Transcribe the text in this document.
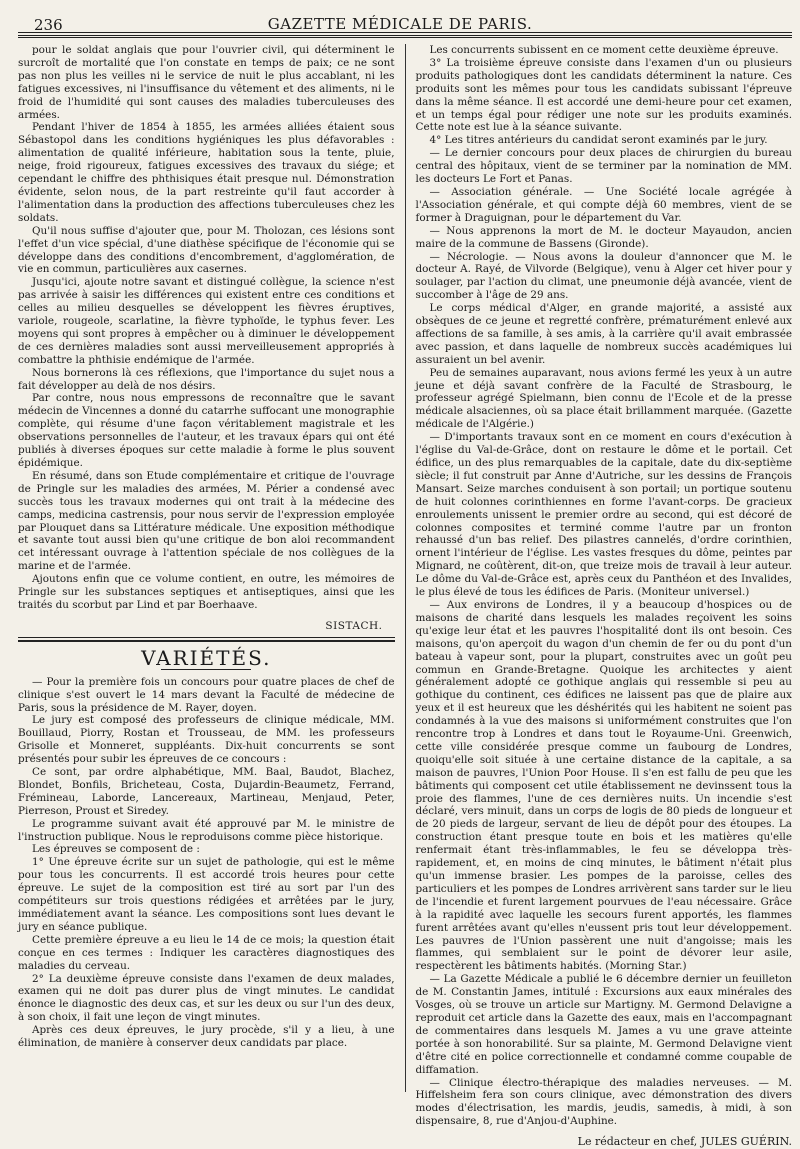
236	GAZETTE MÉDICALE DE PARIS.

pour le soldat anglais que pour l'ouvrier civil, qui déterminent le surcroît de mortalité que l'on constate en temps de paix; ce ne sont pas non plus les veilles ni le service de nuit le plus accablant, ni les fatigues excessives, ni l'insuffisance du vêtement et des aliments, ni le froid de l'humidité qui sont causes des maladies tuberculeuses des armées.

Pendant l'hiver de 1854 à 1855, les armées alliées étaient sous Sébastopol dans les conditions hygiéniques les plus défavorables : alimentation de qualité inférieure, habitation sous la tente, pluie, neige, froid rigoureux, fatigues excessives des travaux du siége; et cependant le chiffre des phthisiques était presque nul. Démonstration évidente, selon nous, de la part restreinte qu'il faut accorder à l'alimentation dans la production des affections tuberculeuses chez les soldats.

Qu'il nous suffise d'ajouter que, pour M. Tholozan, ces lésions sont l'effet d'un vice spécial, d'une diathèse spécifique de l'économie qui se développe dans des conditions d'encombrement, d'agglomération, de vie en commun, particulières aux casernes.

Jusqu'ici, ajoute notre savant et distingué collègue, la science n'est pas arrivée à saisir les différences qui existent entre ces conditions et celles au milieu desquelles se développent les fièvres éruptives, variole, rougeole, scarlatine, la fièvre typhoïde, le typhus fever. Les moyens qui sont propres à empêcher ou à diminuer le développement de ces dernières maladies sont aussi merveilleusement appropriés à combattre la phthisie endémique de l'armée.

Nous bornerons là ces réflexions, que l'importance du sujet nous a fait développer au delà de nos désirs.

Par contre, nous nous empressons de reconnaître que le savant médecin de Vincennes a donné du catarrhe suffocant une monographie complète, qui résume d'une façon véritablement magistrale et les observations personnelles de l'auteur, et les travaux épars qui ont été publiés à diverses époques sur cette maladie à forme le plus souvent épidémique.

En résumé, dans son Etude complémentaire et critique de l'ouvrage de Pringle sur les maladies des armées, M. Périer a condensé avec succès tous les travaux modernes qui ont trait à la médecine des camps, medicina castrensis, pour nous servir de l'expression employée par Plouquet dans sa Littérature médicale. Une exposition méthodique et savante tout aussi bien qu'une critique de bon aloi recommandent cet intéressant ouvrage à l'attention spéciale de nos collègues de la marine et de l'armée.

Ajoutons enfin que ce volume contient, en outre, les mémoires de Pringle sur les substances septiques et antiseptiques, ainsi que les traités du scorbut par Lind et par Boerhaave.

SISTACH.
VARIÉTÉS.

— Pour la première fois un concours pour quatre places de chef de clinique s'est ouvert le 14 mars devant la Faculté de médecine de Paris, sous la présidence de M. Rayer, doyen.

Le jury est composé des professeurs de clinique médicale, MM. Bouillaud, Piorry, Rostan et Trousseau, de MM. les professeurs Grisolle et Monneret, suppléants. Dix-huit concurrents se sont présentés pour subir les épreuves de ce concours :

Ce sont, par ordre alphabétique, MM. Baal, Baudot, Blachez, Blondet, Bonfils, Bricheteau, Costa, Dujardin-Beaumetz, Ferrand, Frémineau, Laborde, Lancereaux, Martineau, Menjaud, Peter, Pierreson, Proust et Siredey.

Le programme suivant avait été approuvé par M. le ministre de l'instruction publique. Nous le reproduisons comme pièce historique.

Les épreuves se composent de :

1° Une épreuve écrite sur un sujet de pathologie, qui est le même pour tous les concurrents. Il est accordé trois heures pour cette épreuve. Le sujet de la composition est tiré au sort par l'un des compétiteurs sur trois questions rédigées et arrêtées par le jury, immédiatement avant la séance. Les compositions sont lues devant le jury en séance publique.

Cette première épreuve a eu lieu le 14 de ce mois; la question était conçue en ces termes : Indiquer les caractères diagnostiques des maladies du cerveau.

2° La deuxième épreuve consiste dans l'examen de deux malades, examen qui ne doit pas durer plus de vingt minutes. Le candidat énonce le diagnostic des deux cas, et sur les deux ou sur l'un des deux, à son choix, il fait une leçon de vingt minutes.

Après ces deux épreuves, le jury procède, s'il y a lieu, à une élimination, de manière à conserver deux candidats par place.

Les concurrents subissent en ce moment cette deuxième épreuve.

3° La troisième épreuve consiste dans l'examen d'un ou plusieurs produits pathologiques dont les candidats déterminent la nature. Ces produits sont les mêmes pour tous les candidats subissant l'épreuve dans la même séance. Il est accordé une demi-heure pour cet examen, et un temps égal pour rédiger une note sur les produits examinés. Cette note est lue à la séance suivante.

4° Les titres antérieurs du candidat seront examinés par le jury.

— Le dernier concours pour deux places de chirurgien du bureau central des hôpitaux, vient de se terminer par la nomination de MM. les docteurs Le Fort et Panas.

— Association générale. — Une Société locale agrégée à l'Association générale, et qui compte déjà 60 membres, vient de se former à Draguignan, pour le département du Var.

— Nous apprenons la mort de M. le docteur Mayaudon, ancien maire de la commune de Bassens (Gironde).

— Nécrologie. — Nous avons la douleur d'annoncer que M. le docteur A. Rayé, de Vilvorde (Belgique), venu à Alger cet hiver pour y soulager, par l'action du climat, une pneumonie déjà avancée, vient de succomber à l'âge de 29 ans.

Le corps médical d'Alger, en grande majorité, a assisté aux obsèques de ce jeune et regretté confrère, prématurément enlevé aux affections de sa famille, à ses amis, à la carrière qu'il avait embrassée avec passion, et dans laquelle de nombreux succès académiques lui assuraient un bel avenir.

Peu de semaines auparavant, nous avions fermé les yeux à un autre jeune et déjà savant confrère de la Faculté de Strasbourg, le professeur agrégé Spielmann, bien connu de l'Ecole et de la presse médicale alsaciennes, où sa place était brillamment marquée. (Gazette médicale de l'Algérie.)

— D'importants travaux sont en ce moment en cours d'exécution à l'église du Val-de-Grâce, dont on restaure le dôme et le portail. Cet édifice, un des plus remarquables de la capitale, date du dix-septième siècle; il fut construit par Anne d'Autriche, sur les dessins de François Mansart. Seize marches conduisent à son portail; un portique soutenu de huit colonnes corinthiennes en forme l'avant-corps. De gracieux enroulements unissent le premier ordre au second, qui est décoré de colonnes composites et terminé comme l'autre par un fronton rehaussé d'un bas relief. Des pilastres cannelés, d'ordre corinthien, ornent l'intérieur de l'église. Les vastes fresques du dôme, peintes par Mignard, ne coûtèrent, dit-on, que treize mois de travail à leur auteur. Le dôme du Val-de-Grâce est, après ceux du Panthéon et des Invalides, le plus élevé de tous les édifices de Paris. (Moniteur universel.)

— Aux environs de Londres, il y a beaucoup d'hospices ou de maisons de charité dans lesquels les malades reçoivent les soins qu'exige leur état et les pauvres l'hospitalité dont ils ont besoin. Ces maisons, qu'on aperçoit du wagon d'un chemin de fer ou du pont d'un bateau à vapeur sont, pour la plupart, construites avec un goût peu commun en Grande-Bretagne. Quoique les architectes y aient généralement adopté ce gothique anglais qui ressemble si peu au gothique du continent, ces édifices ne laissent pas que de plaire aux yeux et il est heureux que les déshérités qui les habitent ne soient pas condamnés à la vue des maisons si uniformément construites que l'on rencontre trop à Londres et dans tout le Royaume-Uni. Greenwich, cette ville considérée presque comme un faubourg de Londres, quoiqu'elle soit située à une certaine distance de la capitale, a sa maison de pauvres, l'Union Poor House. Il s'en est fallu de peu que les bâtiments qui composent cet utile établissement ne devinssent tous la proie des flammes, l'une de ces dernières nuits. Un incendie s'est déclaré, vers minuit, dans un corps de logis de 80 pieds de longueur et de 20 pieds de largeur, servant de lieu de dépôt pour des étoupes. La construction étant presque toute en bois et les matières qu'elle renfermait étant très-inflammables, le feu se développa très-rapidement, et, en moins de cinq minutes, le bâtiment n'était plus qu'un immense brasier. Les pompes de la paroisse, celles des particuliers et les pompes de Londres arrivèrent sans tarder sur le lieu de l'incendie et furent largement pourvues de l'eau nécessaire. Grâce à la rapidité avec laquelle les secours furent apportés, les flammes furent arrêtées avant qu'elles n'eussent pris tout leur développement. Les pauvres de l'Union passèrent une nuit d'angoisse; mais les flammes, qui semblaient sur le point de dévorer leur asile, respectèrent les bâtiments habités. (Morning Star.)

— La Gazette Médicale a publié le 6 décembre dernier un feuilleton de M. Constantin James, intitulé : Excursions aux eaux minérales des Vosges, où se trouve un article sur Martigny. M. Germond Delavigne a reproduit cet article dans la Gazette des eaux, mais en l'accompagnant de commentaires dans lesquels M. James a vu une grave atteinte portée à son honorabilité. Sur sa plainte, M. Germond Delavigne vient d'être cité en police correctionnelle et condamné comme coupable de diffamation.

— Clinique électro-thérapique des maladies nerveuses. — M. Hiffelsheim fera son cours clinique, avec démonstration des divers modes d'électrisation, les mardis, jeudis, samedis, à midi, à son dispensaire, 8, rue d'Anjou-d'Auphine.

Le rédacteur en chef, JULES GUÉRIN.
